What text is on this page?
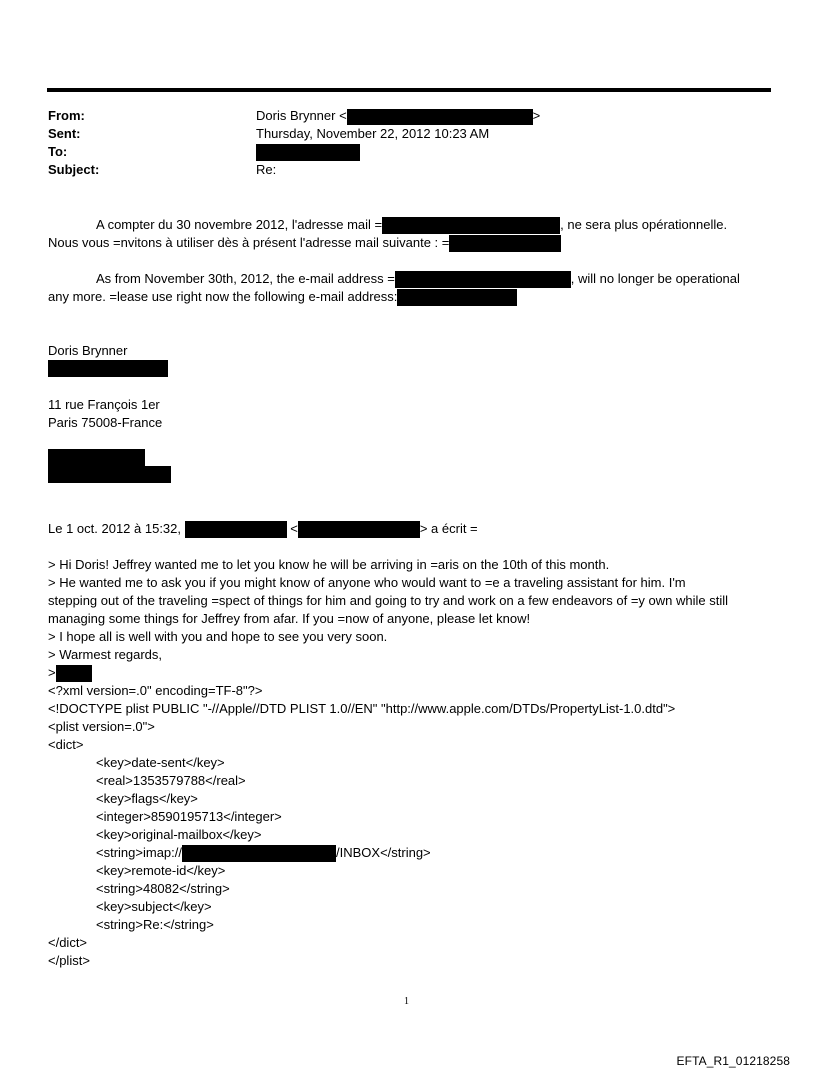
From:	Doris Brynner <	>
Sent:	Thursday, November 22, 2012 10:23 AM
To:
Subject:	Re:
A compter du 30 novembre 2012, l'adresse mail =	, ne sera plus opérationnelle.
Nous vous =nvitons à utiliser dès à présent l'adresse mail suivante : =
As from November 30th, 2012, the e-mail address =	, will no longer be operational
any more. =lease use right now the following e-mail address:
Doris Brynner
11 rue François 1er
Paris 75008-France
Le 1 oct. 2012 à 15:32,	<	> a écrit =
> Hi Doris! Jeffrey wanted me to let you know he will be arriving in =aris on the 10th of this month.
> He wanted me to ask you if you might know of anyone who would want to =e a traveling assistant for him. I'm
stepping out of the traveling =spect of things for him and going to try and work on a few endeavors of =y own while still
managing some things for Jeffrey from afar. If you =now of anyone, please let know!
> I hope all is well with you and hope to see you very soon.
> Warmest regards,
>
<?xml version=.0" encoding=TF-8"?>
<!DOCTYPE plist PUBLIC "-//Apple//DTD PLIST 1.0//EN" "http://www.apple.com/DTDs/PropertyList-1.0.dtd">
<plist version=.0">
<dict>
<key>date-sent</key>
<real>1353579788</real>
<key>flags</key>
<integer>8590195713</integer>
<key>original-mailbox</key>
<string>imap://	/INBOX</string>
<key>remote-id</key>
<string>48082</string>
<key>subject</key>
<string>Re:</string>
</dict>
</plist>
1
EFTA_R1_01218258
